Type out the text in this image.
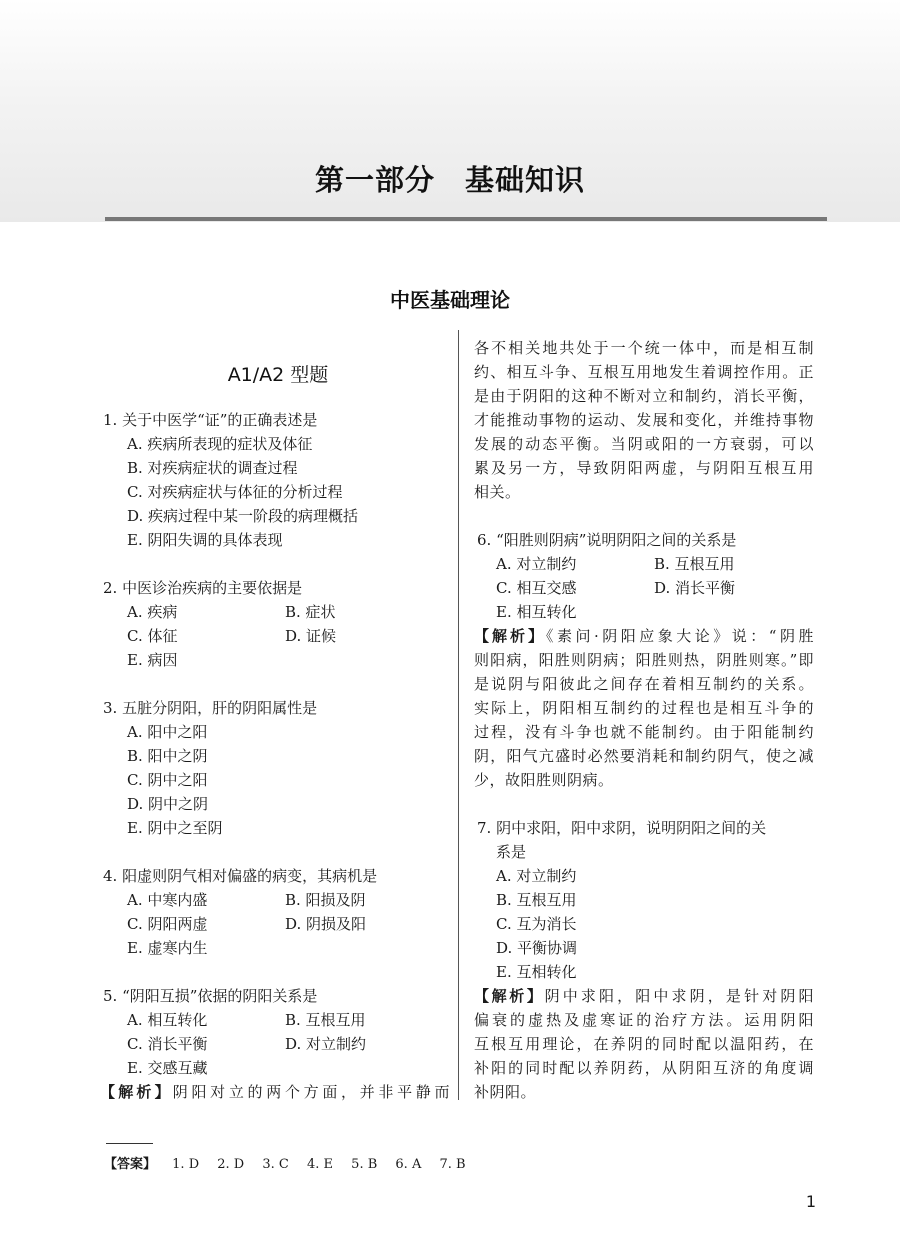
第一部分　基础知识
中医基础理论
A1/A2 型题
1. 关于中医学“证”的正确表述是
A. 疾病所表现的症状及体征
B. 对疾病症状的调查过程
C. 对疾病症状与体征的分析过程
D. 疾病过程中某一阶段的病理概括
E. 阴阳失调的具体表现
2. 中医诊治疾病的主要依据是
A. 疾病	B. 症状
C. 体征	D. 证候
E. 病因
3. 五脏分阴阳，肝的阴阳属性是
A. 阳中之阳
B. 阳中之阴
C. 阴中之阳
D. 阴中之阴
E. 阴中之至阴
4. 阳虚则阴气相对偏盛的病变，其病机是
A. 中寒内盛	B. 阳损及阴
C. 阴阳两虚	D. 阴损及阳
E. 虚寒内生
5. “阴阳互损”依据的阴阳关系是
A. 相互转化	B. 互根互用
C. 消长平衡	D. 对立制约
E. 交感互藏
【解析】阴阳对立的两个方面，并非平静而
各不相关地共处于一个统一体中，而是相互制
约、相互斗争、互根互用地发生着调控作用。正
是由于阴阳的这种不断对立和制约，消长平衡，
才能推动事物的运动、发展和变化，并维持事物
发展的动态平衡。当阴或阳的一方衰弱，可以
累及另一方，导致阴阳两虚，与阴阳互根互用
相关。
6. “阳胜则阴病”说明阴阳之间的关系是
A. 对立制约	B. 互根互用
C. 相互交感	D. 消长平衡
E. 相互转化
【解析】《素问·阴阳应象大论》说：“阴胜
则阳病，阳胜则阴病；阳胜则热，阴胜则寒。”即
是说阴与阳彼此之间存在着相互制约的关系。
实际上，阴阳相互制约的过程也是相互斗争的
过程，没有斗争也就不能制约。由于阳能制约
阴，阳气亢盛时必然要消耗和制约阴气，使之减
少，故阳胜则阴病。
7. 阴中求阳，阳中求阴，说明阴阳之间的关
系是
A. 对立制约
B. 互根互用
C. 互为消长
D. 平衡协调
E. 互相转化
【解析】阴中求阳，阳中求阴，是针对阴阳
偏衰的虚热及虚寒证的治疗方法。运用阴阳
互根互用理论，在养阴的同时配以温阳药，在
补阳的同时配以养阴药，从阴阳互济的角度调
补阴阳。
【答案】 1. D 2. D 3. C 4. E 5. B 6. A 7. B
1
